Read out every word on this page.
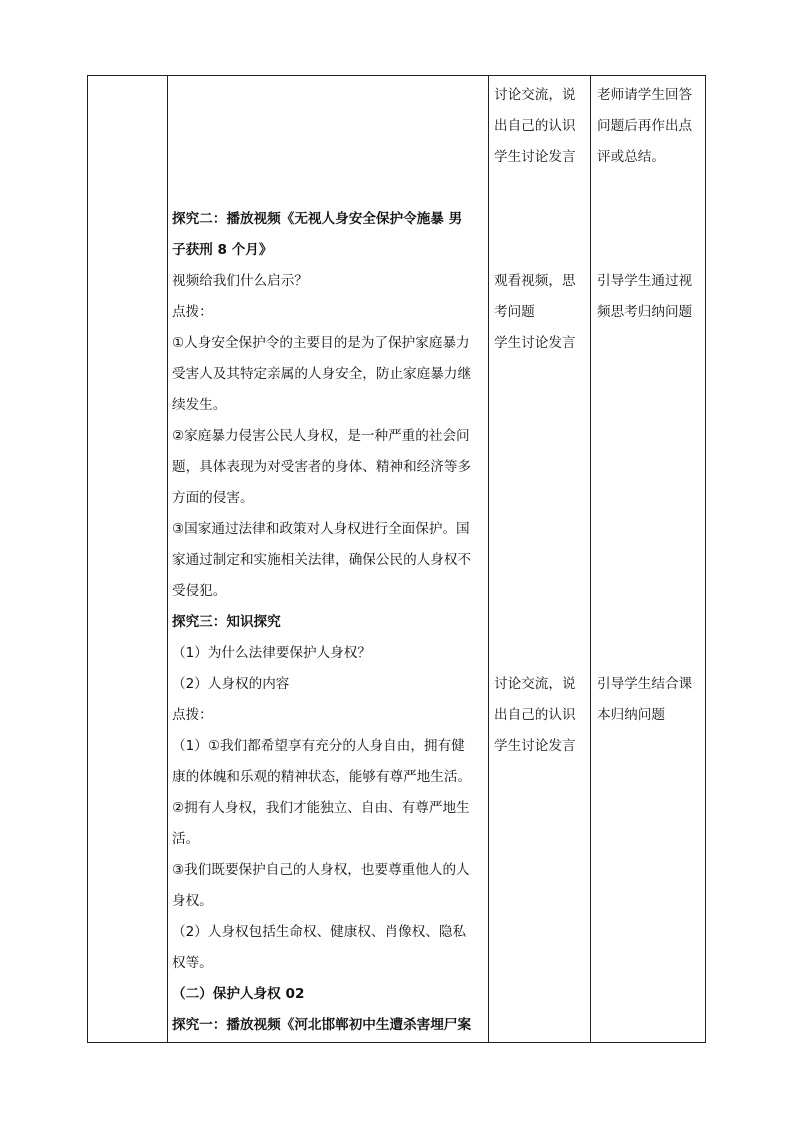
讨论交流，说
出自己的认识
学生讨论发言
老师请学生回答
问题后再作出点
评或总结。
探究二：播放视频《无视人身安全保护令施暴 男
子获刑 8 个月》
视频给我们什么启示？
点拨：
①人身安全保护令的主要目的是为了保护家庭暴力
受害人及其特定亲属的人身安全，防止家庭暴力继
续发生。
②家庭暴力侵害公民人身权，是一种严重的社会问
题，具体表现为对受害者的身体、精神和经济等多
方面的侵害。
③国家通过法律和政策对人身权进行全面保护。国
家通过制定和实施相关法律，确保公民的人身权不
受侵犯。
探究三：知识探究
（1）为什么法律要保护人身权？
（2）人身权的内容
点拨：
（1）①我们都希望享有充分的人身自由，拥有健
康的体魄和乐观的精神状态，能够有尊严地生活。
②拥有人身权，我们才能独立、自由、有尊严地生
活。
③我们既要保护自己的人身权，也要尊重他人的人
身权。
（2）人身权包括生命权、健康权、肖像权、隐私
权等。
（二）保护人身权 02
探究一：播放视频《河北邯郸初中生遭杀害埋尸案
观看视频，思
考问题
学生讨论发言
引导学生通过视
频思考归纳问题
讨论交流，说
出自己的认识
学生讨论发言
引导学生结合课
本归纳问题
